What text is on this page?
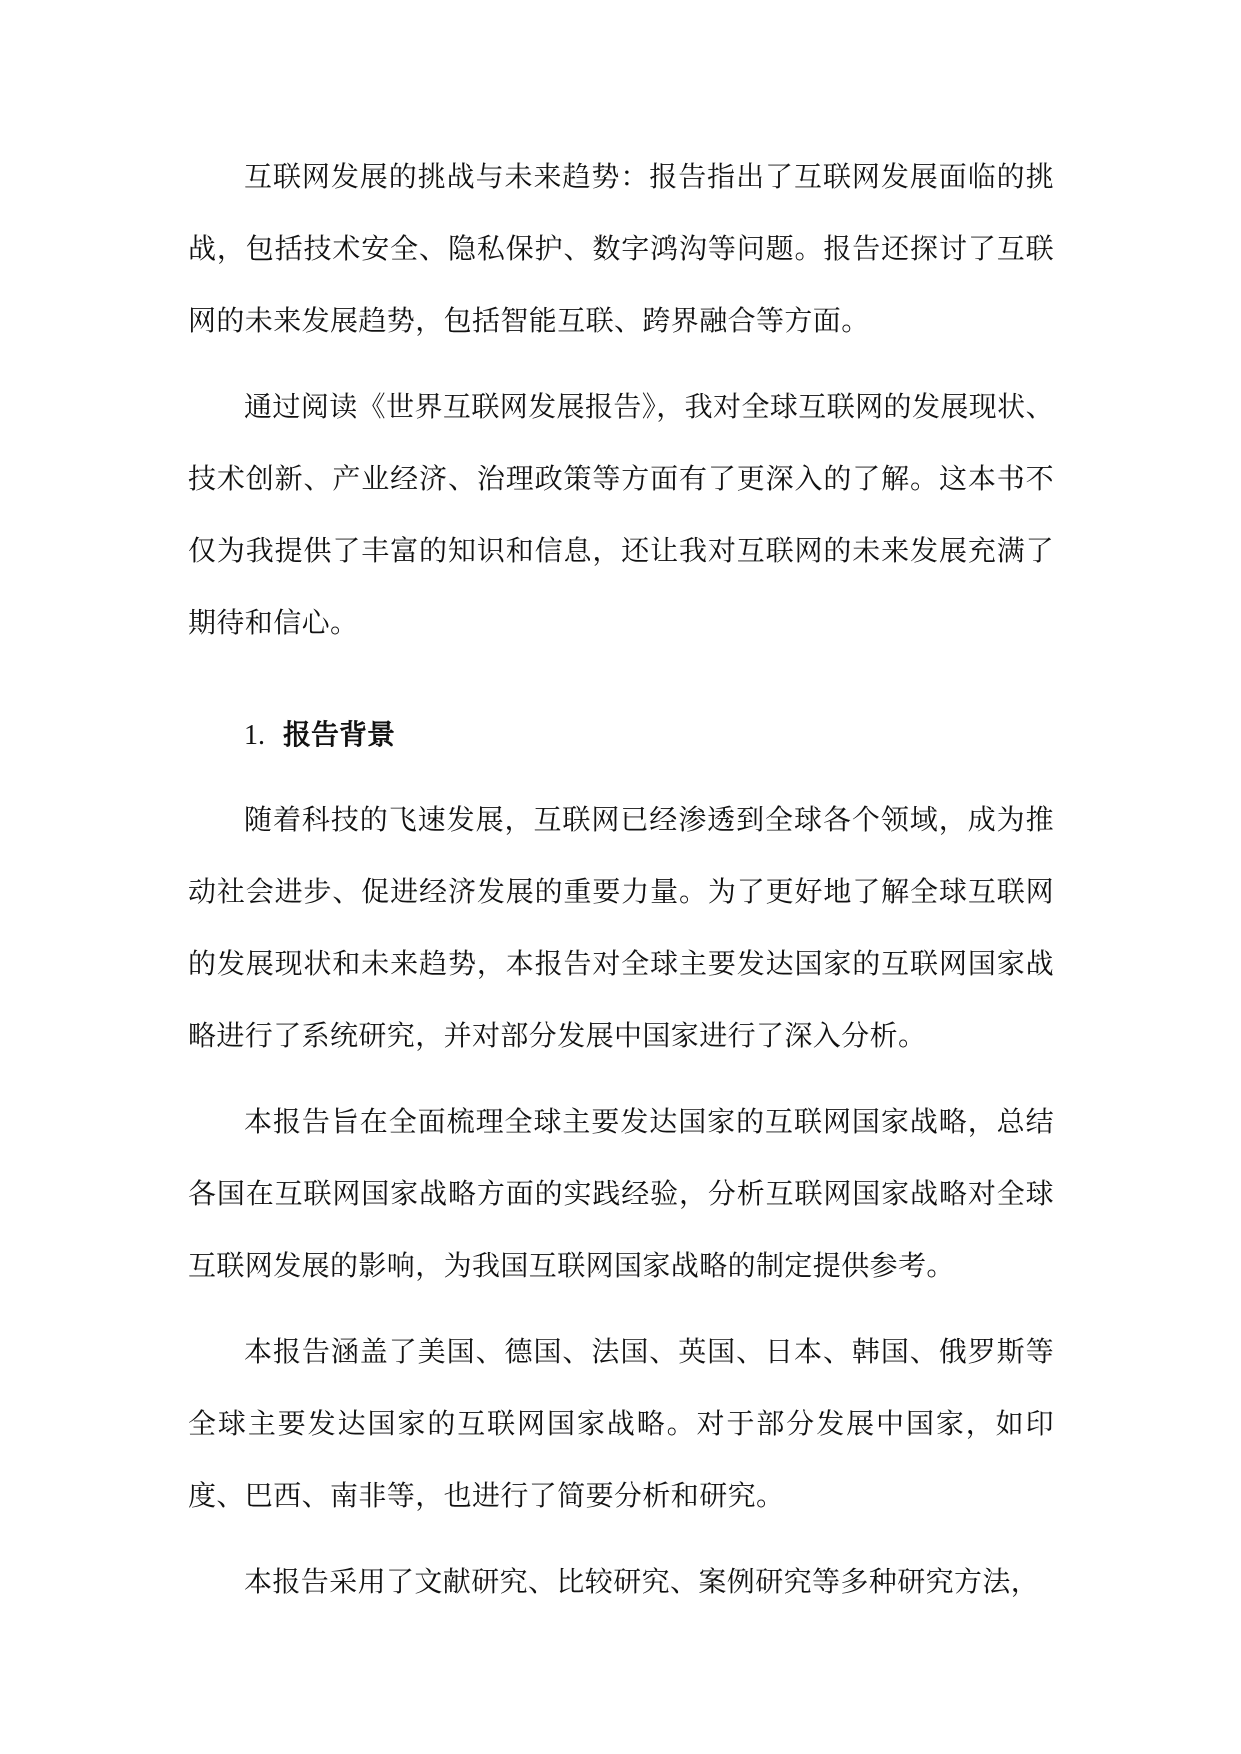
互联网发展的挑战与未来趋势：报告指出了互联网发展面临的挑战，包括技术安全、隐私保护、数字鸿沟等问题。报告还探讨了互联网的未来发展趋势，包括智能互联、跨界融合等方面。

通过阅读《世界互联网发展报告》，我对全球互联网的发展现状、技术创新、产业经济、治理政策等方面有了更深入的了解。这本书不仅为我提供了丰富的知识和信息，还让我对互联网的未来发展充满了期待和信心。

1. 报告背景

随着科技的飞速发展，互联网已经渗透到全球各个领域，成为推动社会进步、促进经济发展的重要力量。为了更好地了解全球互联网的发展现状和未来趋势，本报告对全球主要发达国家的互联网国家战略进行了系统研究，并对部分发展中国家进行了深入分析。

本报告旨在全面梳理全球主要发达国家的互联网国家战略，总结各国在互联网国家战略方面的实践经验，分析互联网国家战略对全球互联网发展的影响，为我国互联网国家战略的制定提供参考。

本报告涵盖了美国、德国、法国、英国、日本、韩国、俄罗斯等全球主要发达国家的互联网国家战略。对于部分发展中国家，如印度、巴西、南非等，也进行了简要分析和研究。

本报告采用了文献研究、比较研究、案例研究等多种研究方法，
